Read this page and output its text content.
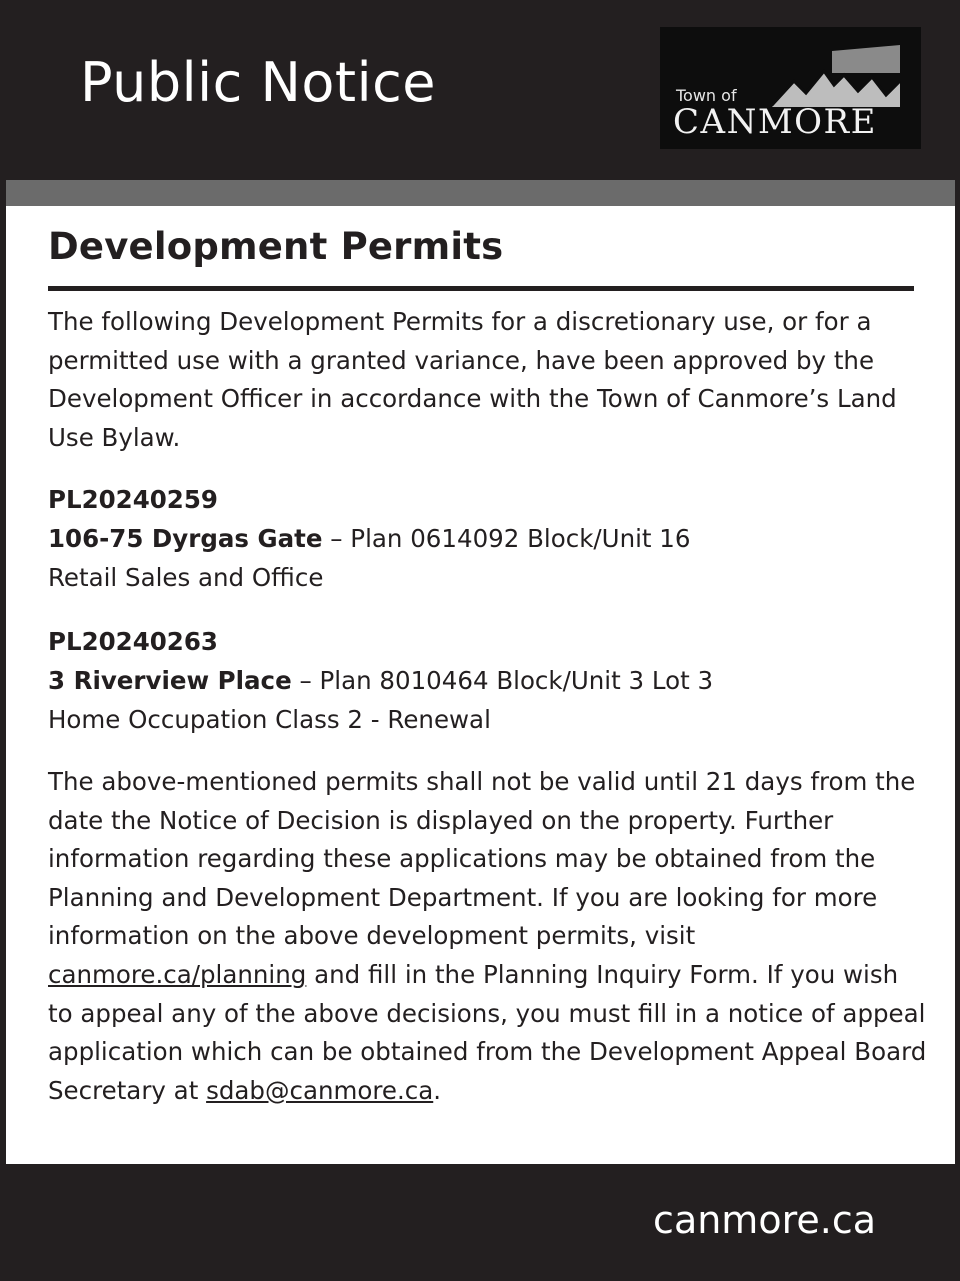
Public Notice	Town of
CANMORE
Development Permits

The following Development Permits for a discretionary use, or for a permitted use with a granted variance, have been approved by the Development Officer in accordance with the Town of Canmore’s Land Use Bylaw.

PL20240259

106-75 Dyrgas Gate – Plan 0614092 Block/Unit 16

Retail Sales and Office

PL20240263

3 Riverview Place – Plan 8010464 Block/Unit 3 Lot 3

Home Occupation Class 2 - Renewal

The above-mentioned permits shall not be valid until 21 days from the date the Notice of Decision is displayed on the property. Further information regarding these applications may be obtained from the Planning and Development Department. If you are looking for more information on the above development permits, visit canmore.ca/planning and fill in the Planning Inquiry Form. If you wish to appeal any of the above decisions, you must fill in a notice of appeal application which can be obtained from the Development Appeal Board Secretary at sdab@canmore.ca.

canmore.ca
